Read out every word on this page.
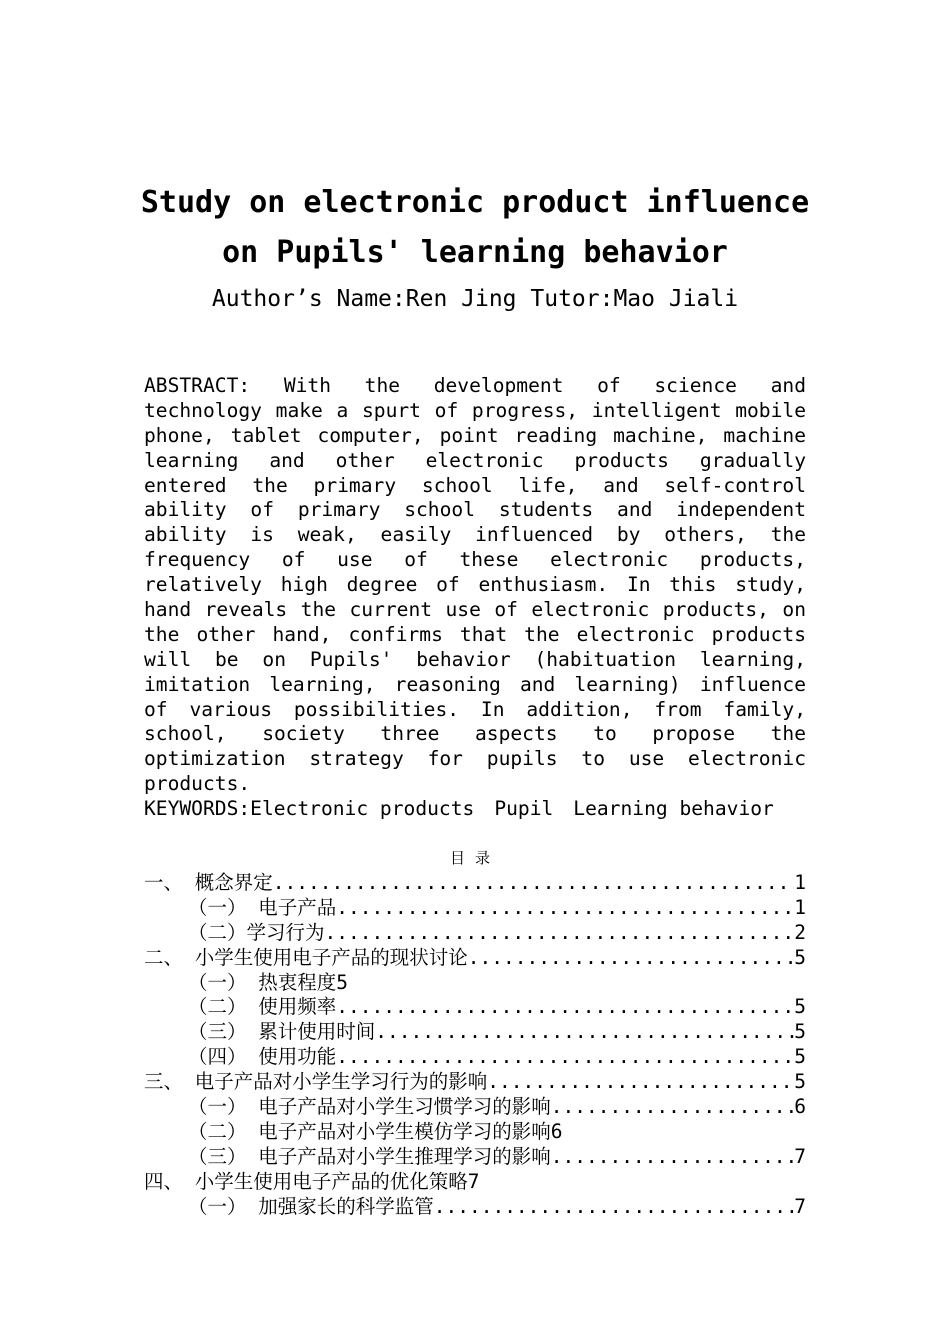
Study on electronic product influence
on Pupils' learning behavior
Author’s Name:Ren Jing Tutor:Mao Jiali
ABSTRACT: With the development of science and
technology make a spurt of progress, intelligent mobile
phone, tablet computer, point reading machine, machine
learning and other electronic products gradually
entered the primary school life, and self-control
ability of primary school students and independent
ability is weak, easily influenced by others, the
frequency of use of these electronic products,
relatively high degree of enthusiasm. In this study,
hand reveals the current use of electronic products, on
the other hand, confirms that the electronic products
will be on Pupils' behavior (habituation learning,
imitation learning, reasoning and learning) influence
of various possibilities. In addition, from family,
school, society three aspects to propose the
optimization strategy for pupils to use electronic
products.
KEYWORDS: Electronic products Pupil Learning behavior
目录
一、 概念界定 .....	1
（一） 电子产品 .....	1
（二）学习行为 .....	2
二、 小学生使用电子产品的现状讨论 .....	5
（一） 热衷程度 5
（二） 使用频率 .....	5
（三） 累计使用时间 .....	5
（四） 使用功能 .....	5
三、 电子产品对小学生学习行为的影响 .....	5
（一） 电子产品对小学生习惯学习的影响 .....	6
（二） 电子产品对小学生模仿学习的影响 6
（三） 电子产品对小学生推理学习的影响 .....	7
四、 小学生使用电子产品的优化策略 7
（一） 加强家长的科学监管 .....	7
